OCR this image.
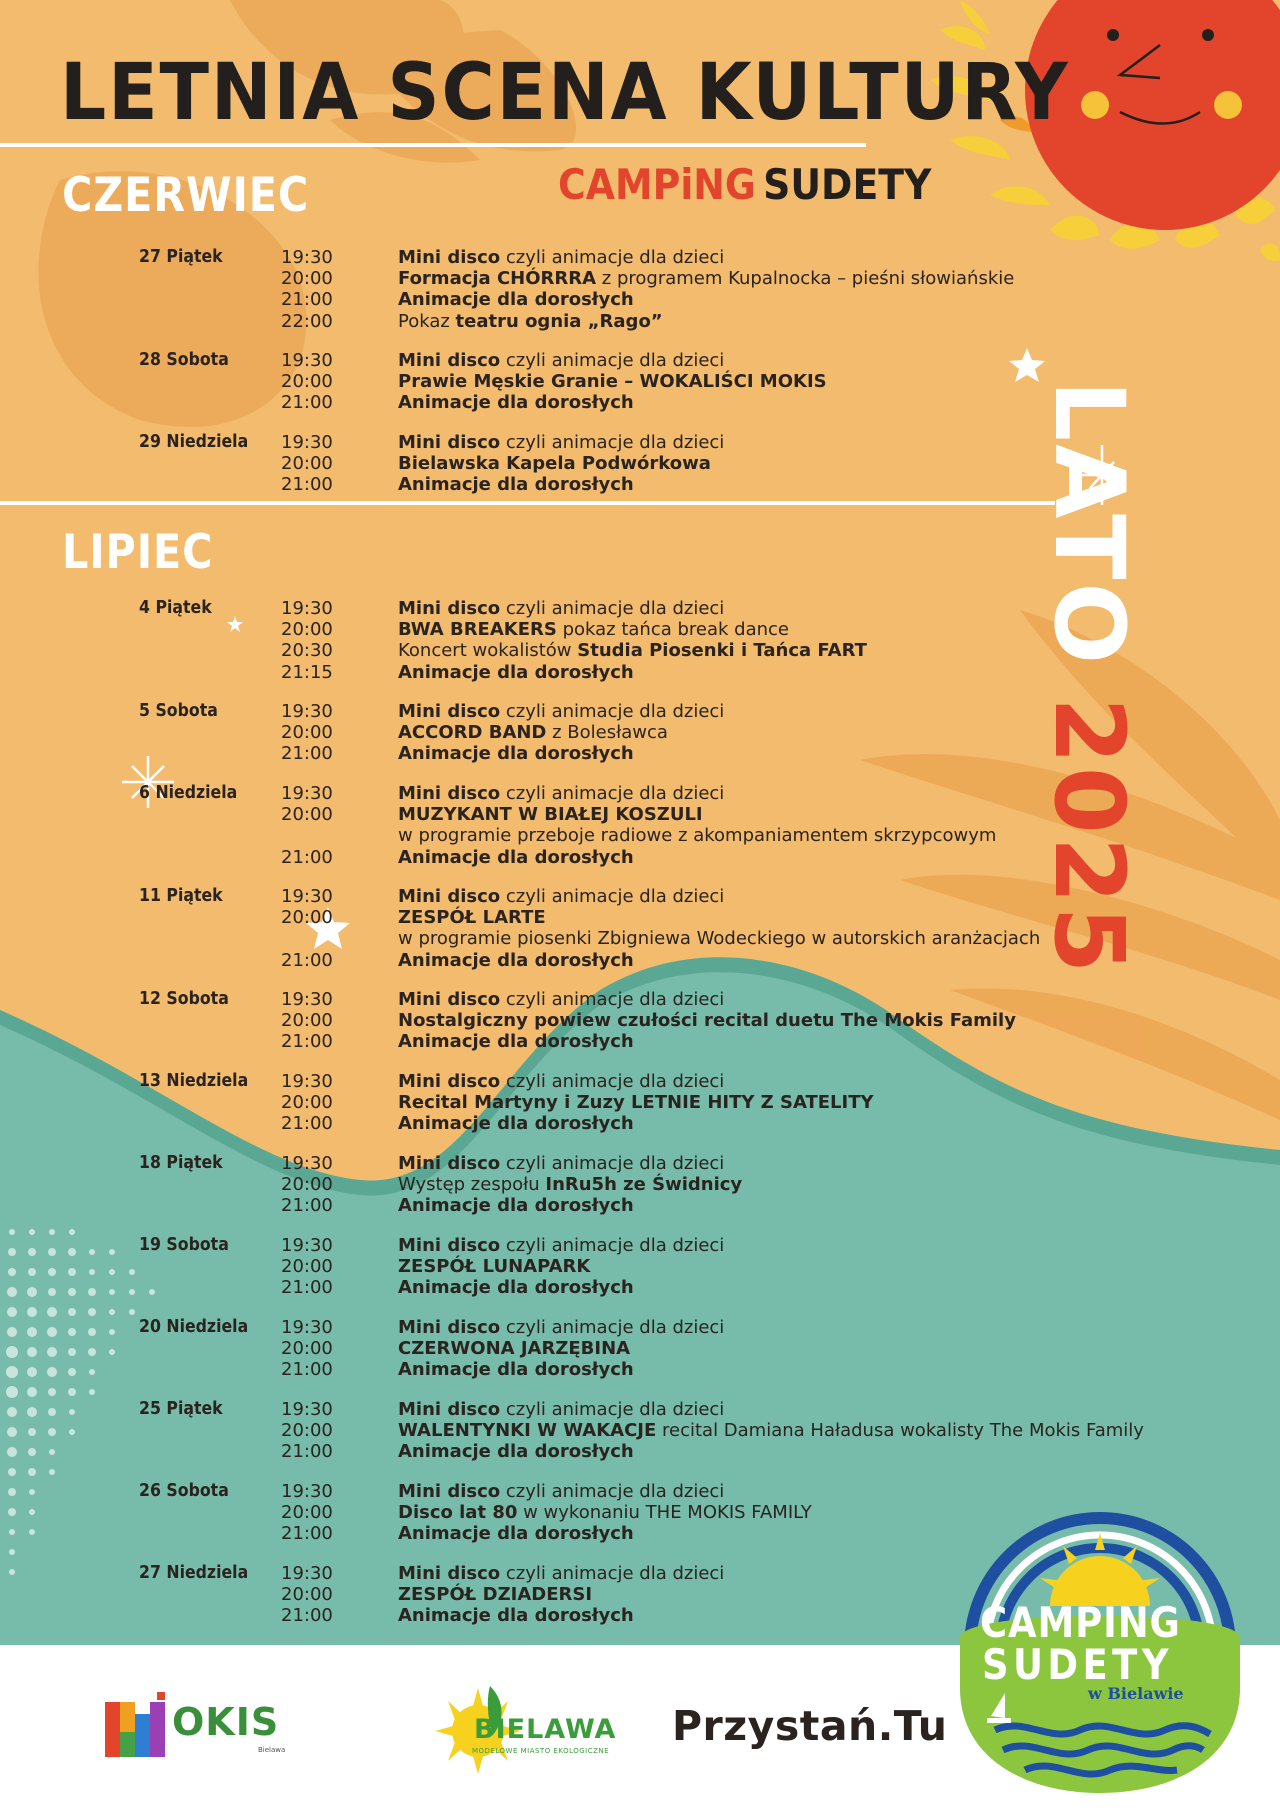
LETNIA SCENA KULTURY
CAMPiNG SUDETY
CZERWIEC
LIPIEC
27 Piątek	19:30	Mini disco czyli animacje dla dzieci
20:00	Formacja CHÓRRRA z programem Kupalnocka – pieśni słowiańskie
21:00	Animacje dla dorosłych
22:00	Pokaz teatru ognia „Rago”
28 Sobota	19:30	Mini disco czyli animacje dla dzieci
20:00	Prawie Męskie Granie – WOKALIŚCI MOKIS
21:00	Animacje dla dorosłych
29 Niedziela 19:30	Mini disco czyli animacje dla dzieci
20:00	Bielawska Kapela Podwórkowa
21:00	Animacje dla dorosłych
4 Piątek	19:30	Mini disco czyli animacje dla dzieci
20:00	BWA BREAKERS pokaz tańca break dance
20:30	Koncert wokalistów Studia Piosenki i Tańca FART
21:15	Animacje dla dorosłych
5 Sobota	19:30	Mini disco czyli animacje dla dzieci
20:00	ACCORD BAND z Bolesławca
21:00	Animacje dla dorosłych
6 Niedziela 19:30	Mini disco czyli animacje dla dzieci
20:00	MUZYKANT W BIAŁEJ KOSZULI
w programie przeboje radiowe z akompaniamentem skrzypcowym
21:00	Animacje dla dorosłych
11 Piątek	19:30	Mini disco czyli animacje dla dzieci
20:00	ZESPÓŁ LARTE
w programie piosenki Zbigniewa Wodeckiego w autorskich aranżacjach
21:00	Animacje dla dorosłych
12 Sobota	19:30	Mini disco czyli animacje dla dzieci
20:00	Nostalgiczny powiew czułości recital duetu The Mokis Family
21:00	Animacje dla dorosłych
13 Niedziela 19:30	Mini disco czyli animacje dla dzieci
20:00	Recital Martyny i Zuzy LETNIE HITY Z SATELITY
21:00	Animacje dla dorosłych
18 Piątek	19:30	Mini disco czyli animacje dla dzieci
20:00	Występ zespołu InRu5h ze Świdnicy
21:00	Animacje dla dorosłych
19 Sobota	19:30	Mini disco czyli animacje dla dzieci
20:00	ZESPÓŁ LUNAPARK
21:00	Animacje dla dorosłych
20 Niedziela 19:30	Mini disco czyli animacje dla dzieci
20:00	CZERWONA JARZĘBINA
21:00	Animacje dla dorosłych
25 Piątek	19:30	Mini disco czyli animacje dla dzieci
20:00	WALENTYNKI W WAKACJE recital Damiana Haładusa wokalisty The Mokis Family
21:00	Animacje dla dorosłych
26 Sobota	19:30	Mini disco czyli animacje dla dzieci
20:00	Disco lat 80 w wykonaniu THE MOKIS FAMILY
21:00	Animacje dla dorosłych
27 Niedziela 19:30	Mini disco czyli animacje dla dzieci
20:00	ZESPÓŁ DZIADERSI
21:00	Animacje dla dorosłych
LATO2025
OKIS
Bielawa
BIELAWA
MODELOWE MIASTO EKOLOGICZNE
Przystań.Tu
CAMPING
SUDETY
w Bielawie
